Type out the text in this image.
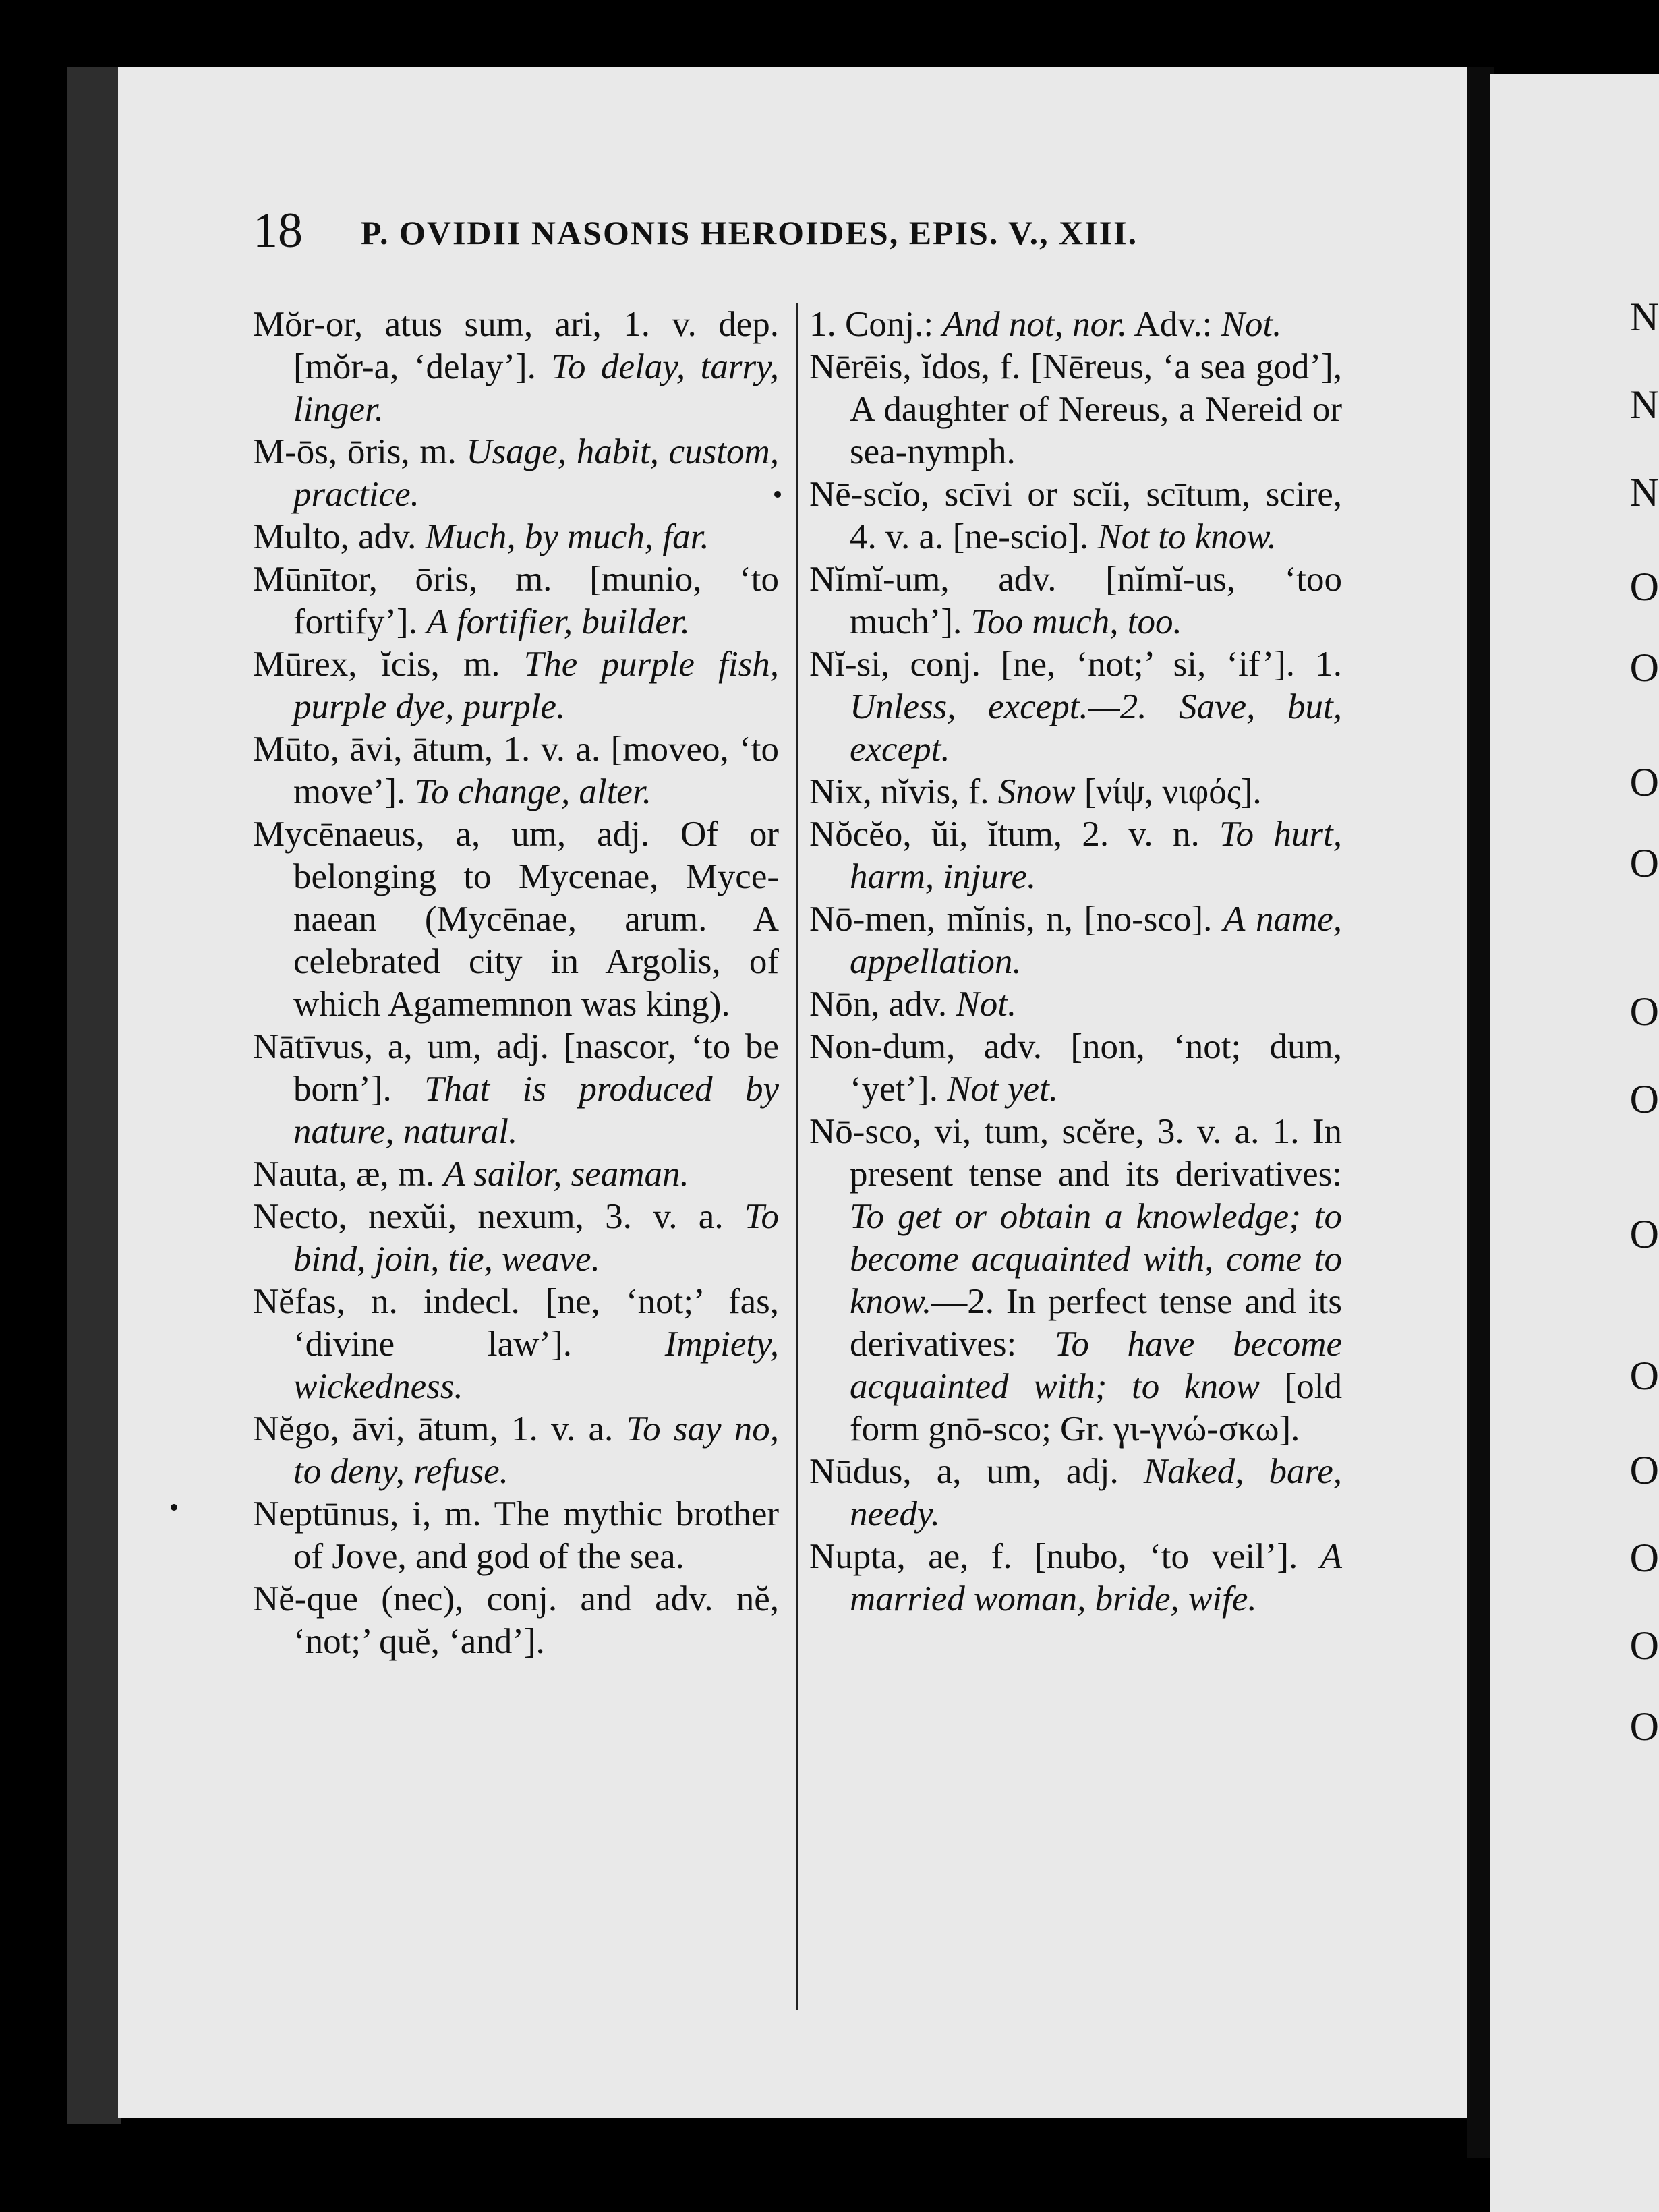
N
N
N
O
O
O
O
O
O
O
O
O
O
O
O
18 P. OVIDII NASONIS HEROIDES, EPIS. V., XIII.
Mŏr-or, atus sum, ari, 1. v. dep. [mŏr-a, ‘delay’]. To delay, tarry, linger.
M-ōs, ōris, m. Usage, habit, custom, practice.
Multo, adv. Much, by much, far.
Mūnītor, ōris, m. [munio, ‘to fortify’]. A fortifier, builder.
Mūrex, ĭcis, m. The purple fish, purple dye, purple.
Mūto, āvi, ātum, 1. v. a. [moveo, ‘to move’]. To change, alter.
Mycēnaeus, a, um, adj. Of or belonging to Mycenae, Myce-naean (Mycēnae, arum. A celebrated city in Argolis, of which Agamemnon was king).
Nātīvus, a, um, adj. [nascor, ‘to be born’]. That is produced by nature, natural.
Nauta, æ, m. A sailor, seaman.
Necto, nexŭi, nexum, 3. v. a. To bind, join, tie, weave.
Nĕfas, n. indecl. [ne, ‘not;’ fas, ‘divine law’]. Impiety, wickedness.
Nĕgo, āvi, ātum, 1. v. a. To say no, to deny, refuse.
Neptūnus, i, m. The mythic brother of Jove, and god of the sea.
Nĕ-que (nec), conj. and adv. nĕ, ‘not;’ quĕ, ‘and’].
1. Conj.: And not, nor. Adv.: Not.
Nērēis, ĭdos, f. [Nēreus, ‘a sea god’], A daughter of Nereus, a Nereid or sea-nymph.
Nē-scĭo, scīvi or scĭi, scītum, scire, 4. v. a. [ne-scio]. Not to know.
Nĭmĭ-um, adv. [nĭmĭ-us, ‘too much’]. Too much, too.
Nĭ-si, conj. [ne, ‘not;’ si, ‘if’]. 1. Unless, except.—2. Save, but, except.
Nix, nĭvis, f. Snow [νίψ, νιφός].
Nŏcĕo, ŭi, ĭtum, 2. v. n. To hurt, harm, injure.
Nō-men, mĭnis, n, [no-sco]. A name, appellation.
Nōn, adv. Not.
Non-dum, adv. [non, ‘not; dum, ‘yet’]. Not yet.
Nō-sco, vi, tum, scĕre, 3. v. a. 1. In present tense and its derivatives: To get or obtain a knowledge; to become acquainted with, come to know.—2. In perfect tense and its derivatives: To have become acquainted with; to know [old form gnō-sco; Gr. γι-γνώ-σκω].
Nūdus, a, um, adj. Naked, bare, needy.
Nupta, ae, f. [nubo, ‘to veil’]. A married woman, bride, wife.
